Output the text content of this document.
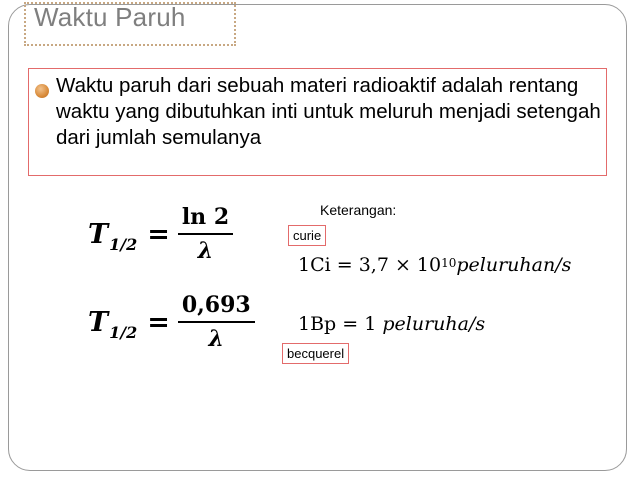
Waktu Paruh
Waktu paruh dari sebuah materi radioaktif adalah rentang waktu yang dibutuhkan inti untuk meluruh menjadi setengah dari jumlah semulanya
T $1/2 = \frac{\ln 2}{\lambda}$
T $1/2 = \frac{0,693}{\lambda}$
Keterangan:
curie
$1Ci = 3,7 \times 10^{10}peluruhan/s$
1Bp = 1 peluruha/s
becquerel
